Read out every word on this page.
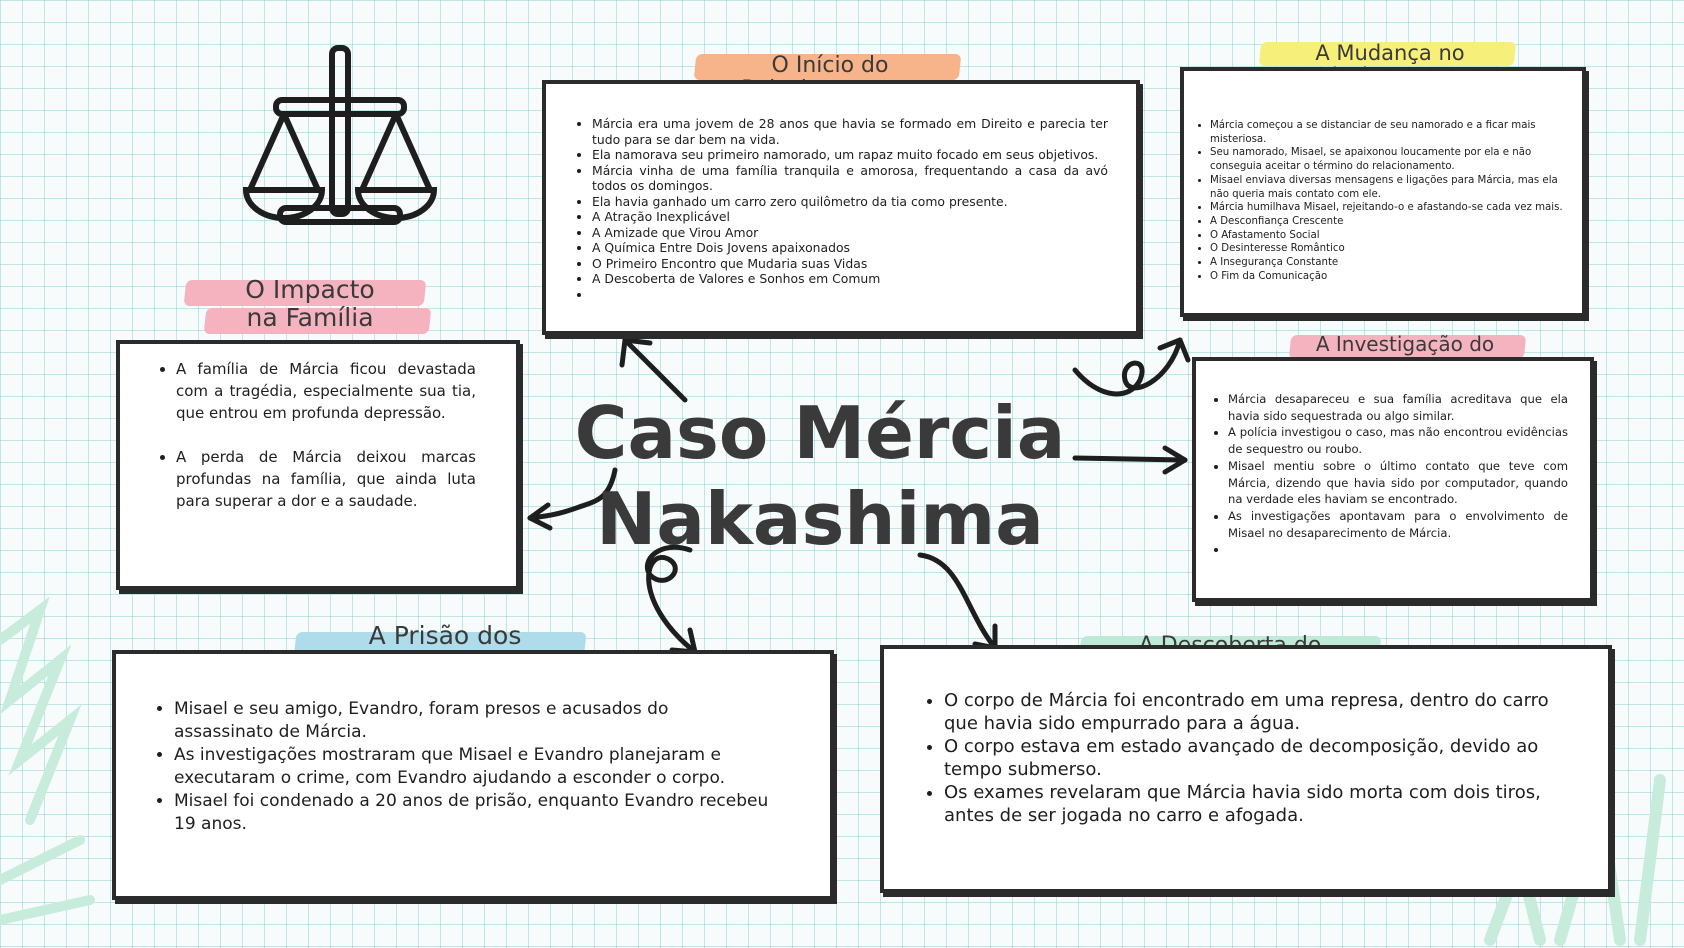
Caso Mércia
Nakashima
O Início do
• Márcia era uma jovem de 28 anos que havia se formado em Direito e parecia ter tudo para se dar bem na vida.
• Ela namorava seu primeiro namorado, um rapaz muito focado em seus objetivos.
• Márcia vinha de uma família tranquila e amorosa, frequentando a casa da avó todos os domingos.
• Ela havia ganhado um carro zero quilômetro da tia como presente.
• A Atração Inexplicável
• A Amizade que Virou Amor
• A Química Entre Dois Jovens apaixonados
• O Primeiro Encontro que Mudaria suas Vidas
• A Descoberta de Valores e Sonhos em Comum
•
A Mudança no
• Márcia começou a se distanciar de seu namorado e a ficar mais misteriosa.
• Seu namorado, Misael, se apaixonou loucamente por ela e não conseguia aceitar o término do relacionamento.
• Misael enviava diversas mensagens e ligações para Márcia, mas ela não queria mais contato com ele.
• Márcia humilhava Misael, rejeitando-o e afastando-se cada vez mais.
• A Desconfiança Crescente
• O Afastamento Social
• O Desinteresse Romântico
• A Insegurança Constante
• O Fim da Comunicação
O Impacto
na Família
• A família de Márcia ficou devastada com a tragédia, especialmente sua tia, que entrou em profunda depressão.
• A perda de Márcia deixou marcas profundas na família, que ainda luta para superar a dor e a saudade.
A Investigação do
• Márcia desapareceu e sua família acreditava que ela havia sido sequestrada ou algo similar.
• A polícia investigou o caso, mas não encontrou evidências de sequestro ou roubo.
• Misael mentiu sobre o último contato que teve com Márcia, dizendo que havia sido por computador, quando na verdade eles haviam se encontrado.
• As investigações apontavam para o envolvimento de Misael no desaparecimento de Márcia.
•
A Prisão dos
• Misael e seu amigo, Evandro, foram presos e acusados do assassinato de Márcia.
• As investigações mostraram que Misael e Evandro planejaram e executaram o crime, com Evandro ajudando a esconder o corpo.
• Misael foi condenado a 20 anos de prisão, enquanto Evandro recebeu 19 anos.
• O corpo de Márcia foi encontrado em uma represa, dentro do carro que havia sido empurrado para a água.
• O corpo estava em estado avançado de decomposição, devido ao tempo submerso.
• Os exames revelaram que Márcia havia sido morta com dois tiros, antes de ser jogada no carro e afogada.
